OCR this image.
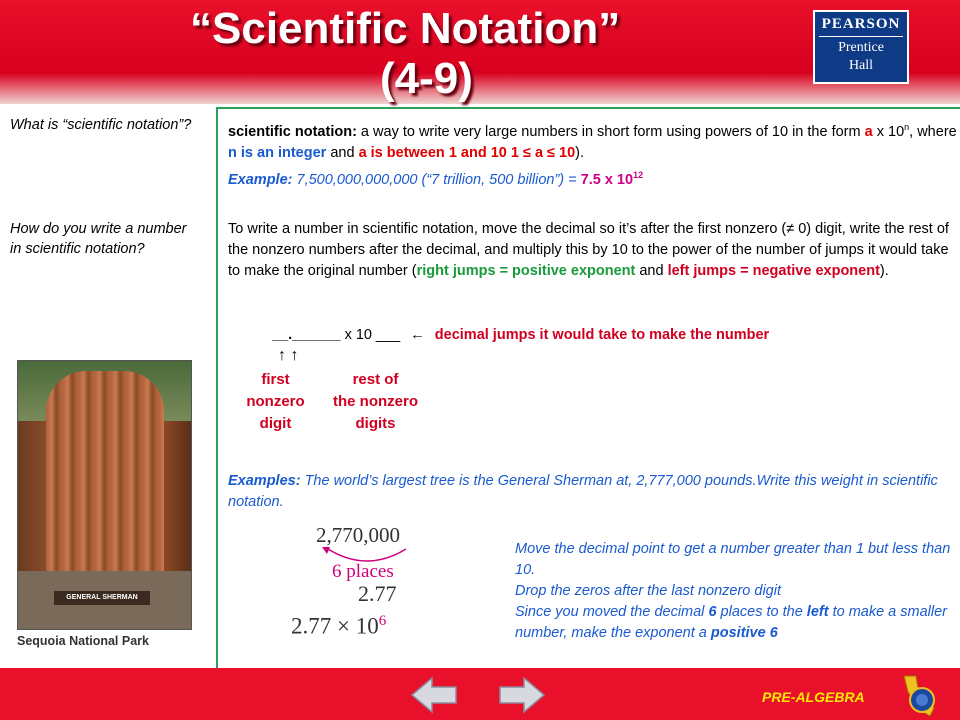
“Scientific Notation”
(4-9)
PEARSON
Prentice
Hall
What is “scientific notation”?
How do you write a number in scientific notation?
GENERAL SHERMAN
Sequoia National Park
scientific notation: a way to write very large numbers in short form using powers of 10 in the form a x 10$^n$, where n is an integer and a is between 1 and 10 1 ≤ a ≤ 10).
Example: 7,500,000,000,000 (“7 trillion, 500 billion”) = 7.5 x $10^{12}$
To write a number in scientific notation, move the decimal so it’s after the first nonzero (≠ 0) digit, write the rest of the nonzero numbers after the decimal, and multiply this by 10 to the power of the number of jumps it would take to make the original number (right jumps = positive exponent and left jumps = negative exponent).
__.______ x 10 ___ ← decimal jumps it would take to make the number
↑ ↑
first
nonzero
digit
rest of
the nonzero
digits
Examples: The world’s largest tree is the General Sherman at, 2,777,000 pounds.Write this weight in scientific notation.
2,770,000
6 places
2.77
$2.77 \times 10^6$
Move the decimal point to get a number greater than 1 but less than 10.
Drop the zeros after the last nonzero digit
Since you moved the decimal 6 places to the left to make a smaller number, make the exponent a positive 6
PRE-ALGEBRA
